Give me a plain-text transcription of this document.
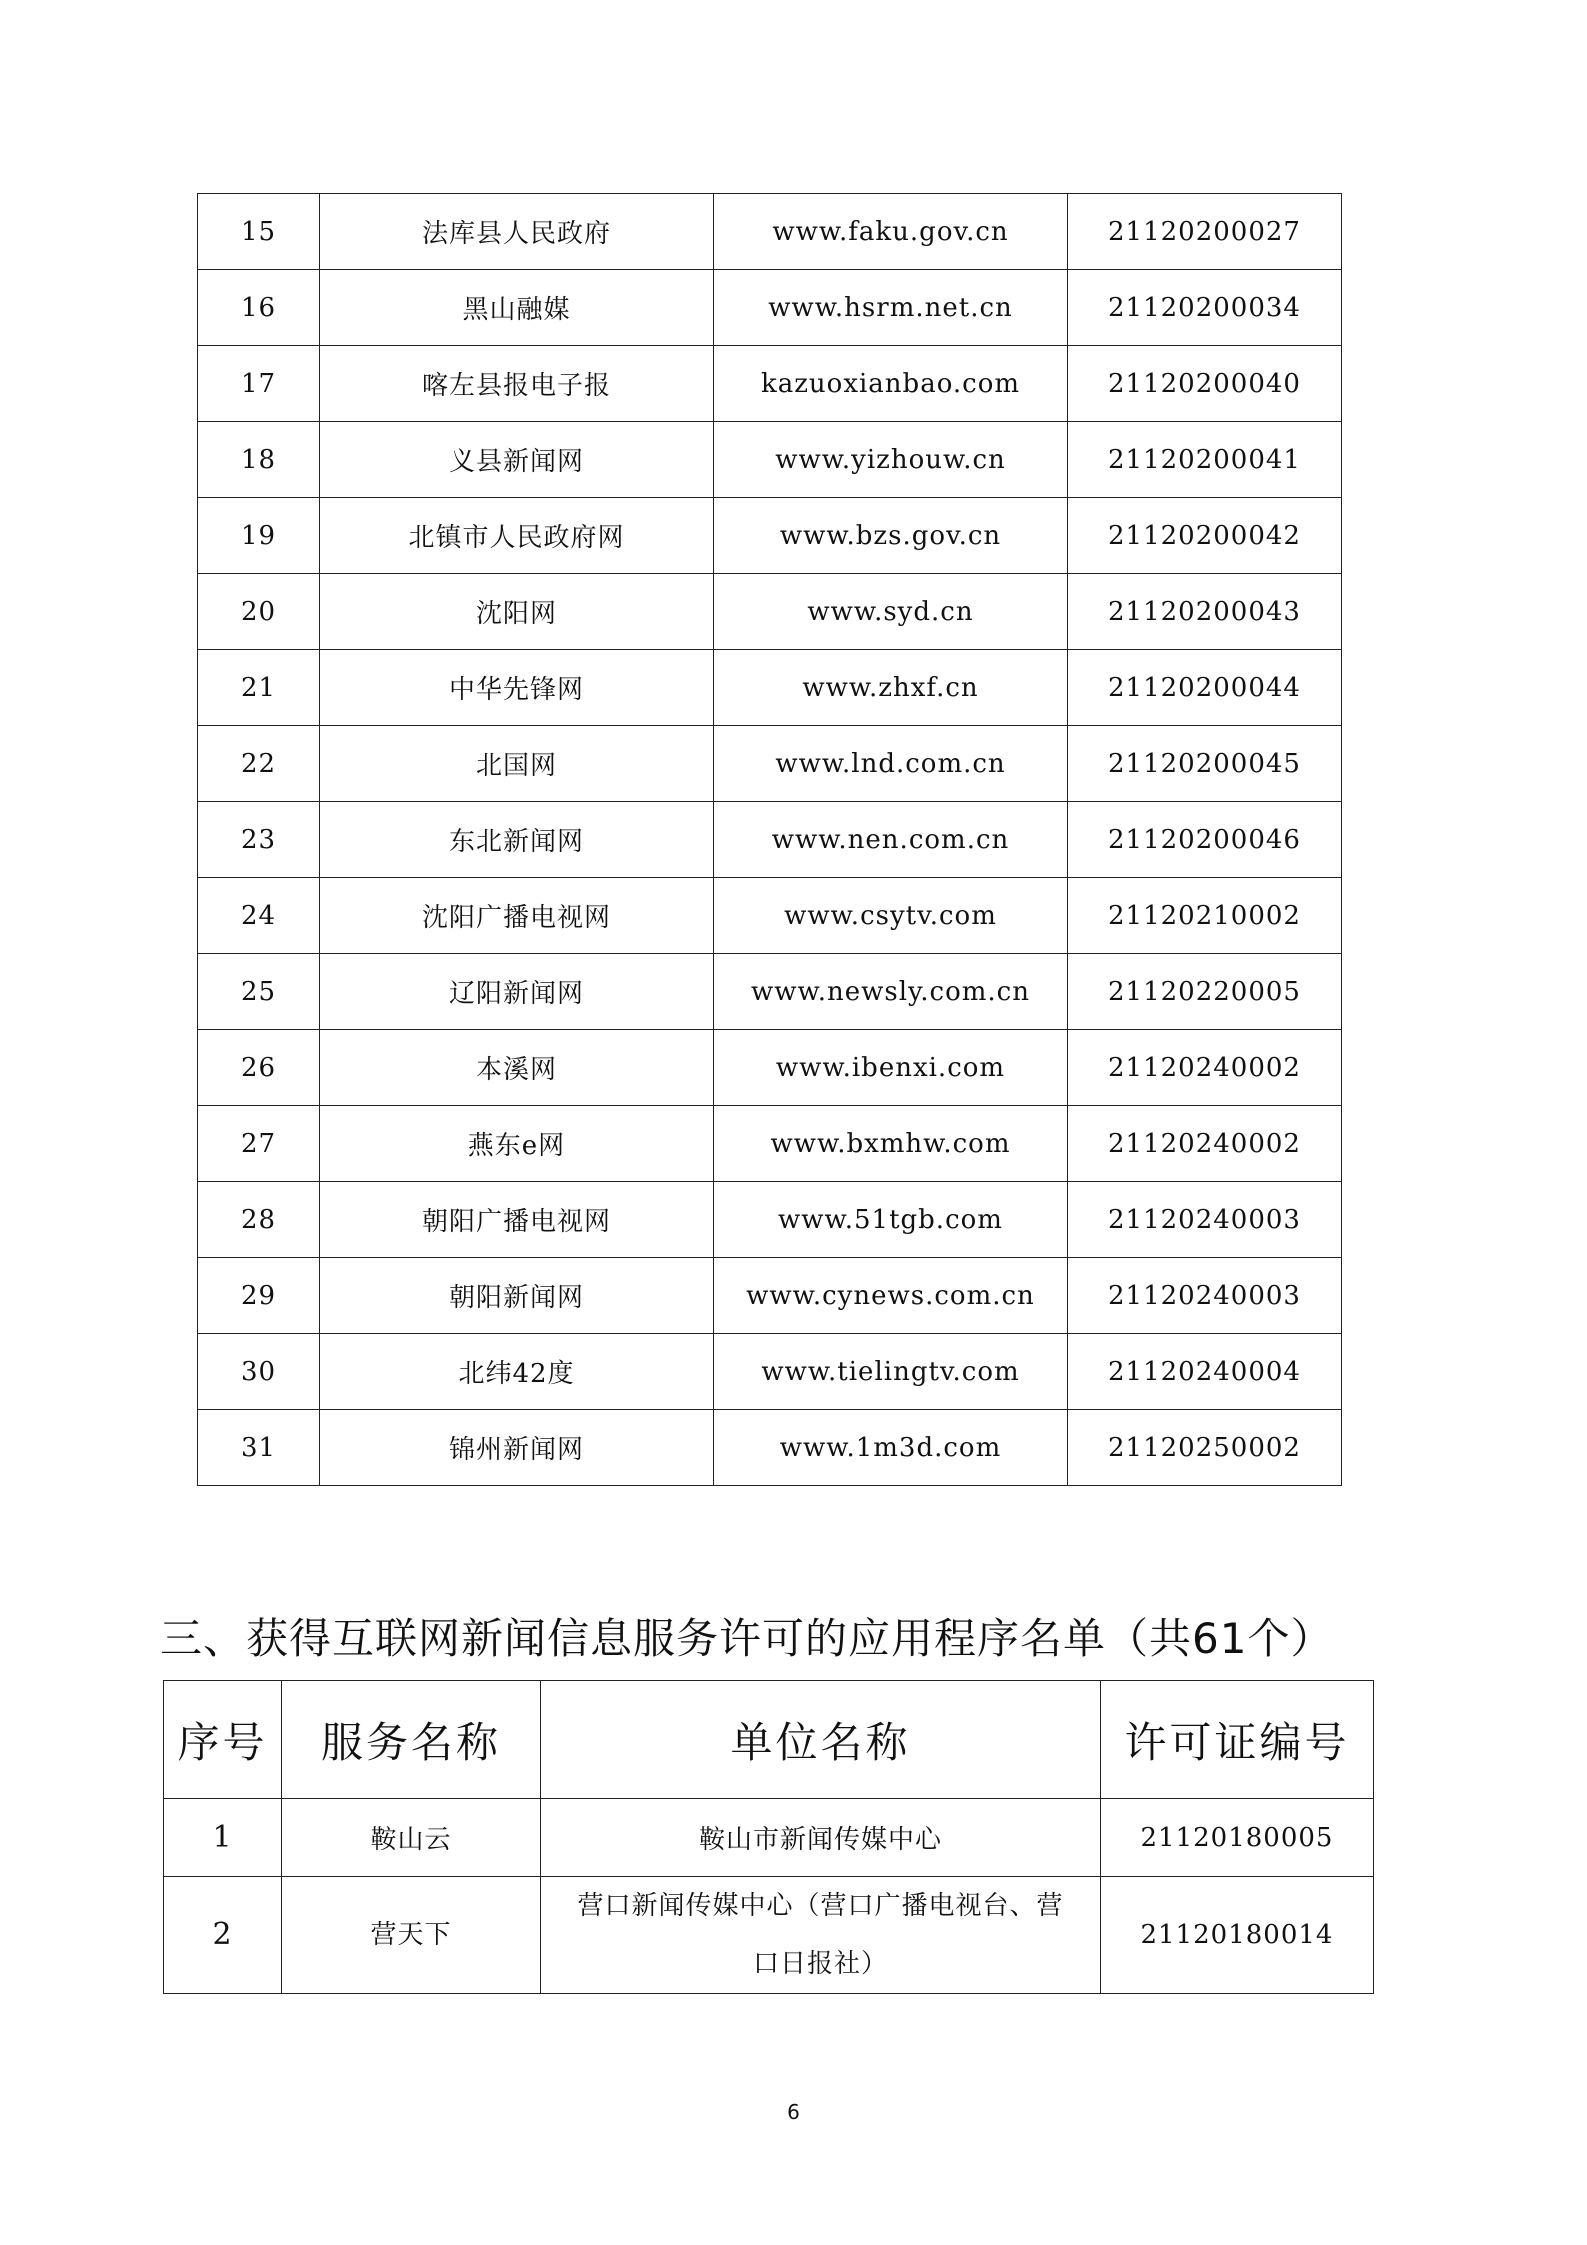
15	法库县人民政府	www.faku.gov.cn	21120200027
16	黑山融媒	www.hsrm.net.cn	21120200034
17	喀左县报电子报	kazuoxianbao.com	21120200040
18	义县新闻网	www.yizhouw.cn	21120200041
19	北镇市人民政府网	www.bzs.gov.cn	21120200042
20	沈阳网	www.syd.cn	21120200043
21	中华先锋网	www.zhxf.cn	21120200044
22	北国网	www.lnd.com.cn	21120200045
23	东北新闻网	www.nen.com.cn	21120200046
24	沈阳广播电视网	www.csytv.com	21120210002
25	辽阳新闻网	www.newsly.com.cn	21120220005
26	本溪网	www.ibenxi.com	21120240002
27	燕东e网	www.bxmhw.com	21120240002
28	朝阳广播电视网	www.51tgb.com	21120240003
29	朝阳新闻网	www.cynews.com.cn	21120240003
30	北纬42度	www.tielingtv.com	21120240004
31	锦州新闻网	www.1m3d.com	21120250002
三、获得互联网新闻信息服务许可的应用程序名单（共61个）
序号	服务名称	单位名称	许可证编号
1	鞍山云	鞍山市新闻传媒中心	21120180005
2	营天下	营口新闻传媒中心（营口广播电视台、营口日报社）	21120180014
6
